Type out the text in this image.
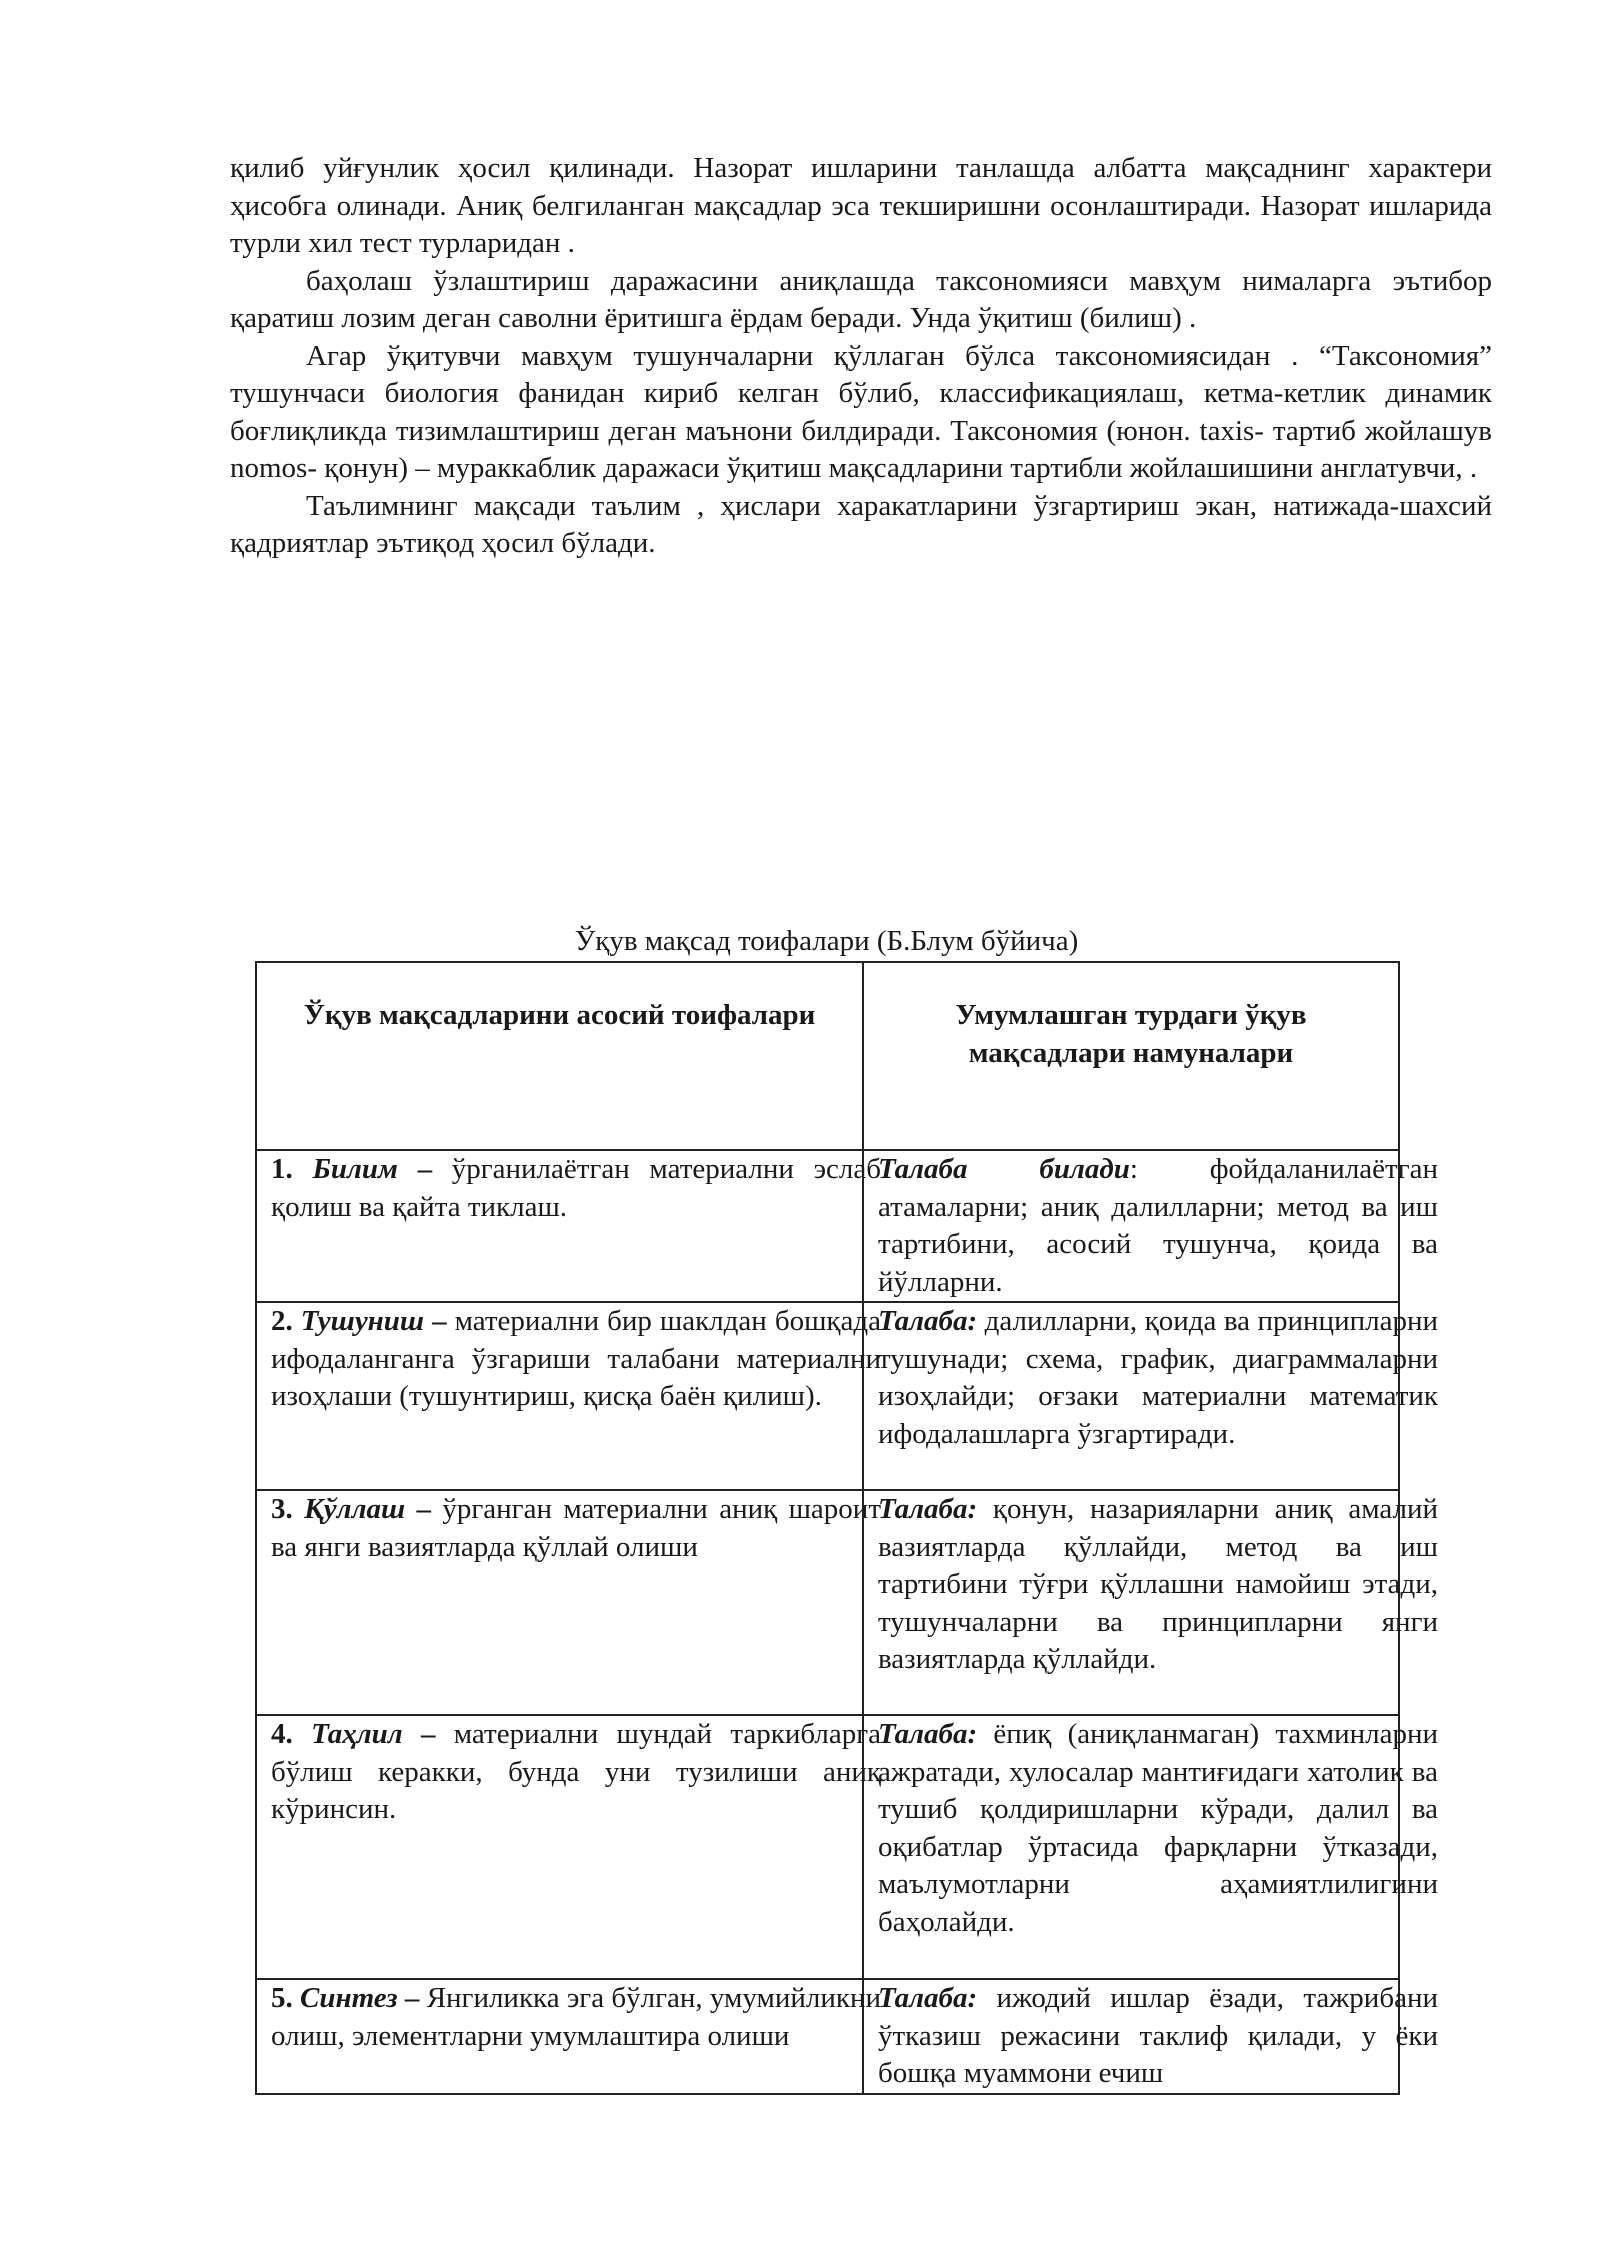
қилиб уйғунлик ҳосил қилинади. Назорат ишларини танлашда албатта мақсаднинг характери ҳисобга олинади. Аниқ белгиланган мақсадлар эса текширишни осонлаштиради. Назорат ишларида турли хил тест турларидан .

баҳолаш ўзлаштириш даражасини аниқлашда таксономияси мавҳум нималарга эътибор қаратиш лозим деган саволни ёритишга ёрдам беради. Унда ўқитиш (билиш) .

Агар ўқитувчи мавҳум тушунчаларни қўллаган бўлса таксономиясидан . “Таксономия” тушунчаси биология фанидан кириб келган бўлиб, классификациялаш, кетма-кетлик динамик боғлиқликда тизимлаштириш деган маънони билдиради. Таксономия (юнон. taxis- тартиб жойлашув nomos- қонун) – мураккаблик даражаси ўқитиш мақсадларини тартибли жойлашишини англатувчи, .

Таълимнинг мақсади таълим , ҳислари харакатларини ўзгартириш экан, натижада-шахсий қадриятлар эътиқод ҳосил бўлади.

Ўқув мақсад тоифалари (Б.Блум бўйича)
Ўқув мақсадларини асосий тоифалари	Умумлашган турдаги ўқув мақсадлари намуналари

1. Билим – ўрганилаётган материални эслаб қолиш ва қайта тиклаш.	Талаба билади: фойдаланилаётган атамаларни; аниқ далилларни; метод ва иш тартибини, асосий тушунча, қоида ва йўлларни.

2. Тушуниш – материални бир шаклдан бошқада ифодаланганга ўзгариши талабани материални изоҳлаши (тушунтириш, қисқа баён қилиш).	Талаба: далилларни, қоида ва принципларни тушунади; схема, график, диаграммаларни изоҳлайди; оғзаки материални математик ифодалашларга ўзгартиради.

3. Қўллаш – ўрганган материални аниқ шароит ва янги вазиятларда қўллай олиши	Талаба: қонун, назарияларни аниқ амалий вазиятларда қўллайди, метод ва иш тартибини тўғри қўллашни намойиш этади, тушунчаларни ва принципларни янги вазиятларда қўллайди.

4. Таҳлил – материални шундай таркибларга бўлиш керакки, бунда уни тузилиши аниқ кўринсин.	Талаба: ёпиқ (аниқланмаган) тахминларни ажратади, хулосалар мантиғидаги хатолик ва тушиб қолдиришларни кўради, далил ва оқибатлар ўртасида фарқларни ўтказади, маълумотларни аҳамиятлилигини баҳолайди.

5. Синтез – Янгиликка эга бўлган, умумийликни олиш, элементларни умумлаштира олиши	Талаба: ижодий ишлар ёзади, тажрибани ўтказиш режасини таклиф қилади, у ёки бошқа муаммони ечиш
